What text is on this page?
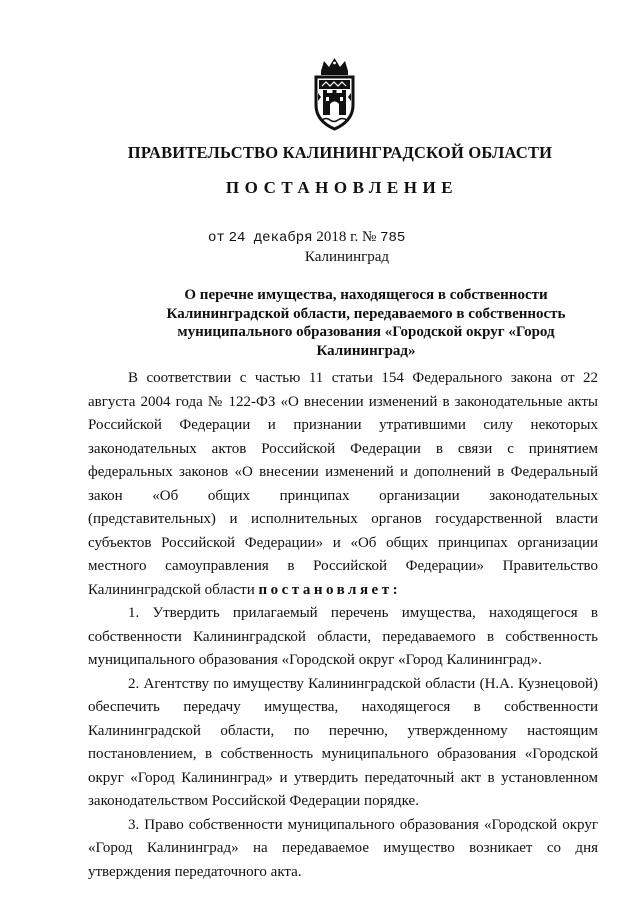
ПРАВИТЕЛЬСТВО КАЛИНИНГРАДСКОЙ ОБЛАСТИ
ПОСТАНОВЛЕНИЕ
от 24 декабря 2018 г. № 785
Калининград
О перечне имущества, находящегося в собственности Калининградской области, передаваемого в собственность муниципального образования «Городской округ «Город Калининград»

В соответствии с частью 11 статьи 154 Федерального закона от 22 августа 2004 года № 122-ФЗ «О внесении изменений в законодательные акты Российской Федерации и признании утратившими силу некоторых законодательных актов Российской Федерации в связи с принятием федеральных законов «О внесении изменений и дополнений в Федеральный закон «Об общих принципах организации законодательных (представительных) и исполнительных органов государственной власти субъектов Российской Федерации» и «Об общих принципах организации местного самоуправления в Российской Федерации» Правительство Калининградской области постановляет:

1. Утвердить прилагаемый перечень имущества, находящегося в собственности Калининградской области, передаваемого в собственность муниципального образования «Городской округ «Город Калининград».

2. Агентству по имуществу Калининградской области (Н.А. Кузнецовой) обеспечить передачу имущества, находящегося в собственности Калининградской области, по перечню, утвержденному настоящим постановлением, в собственность муниципального образования «Городской округ «Город Калининград» и утвердить передаточный акт в установленном законодательством Российской Федерации порядке.

3. Право собственности муниципального образования «Городской округ «Город Калининград» на передаваемое имущество возникает со дня утверждения передаточного акта.
